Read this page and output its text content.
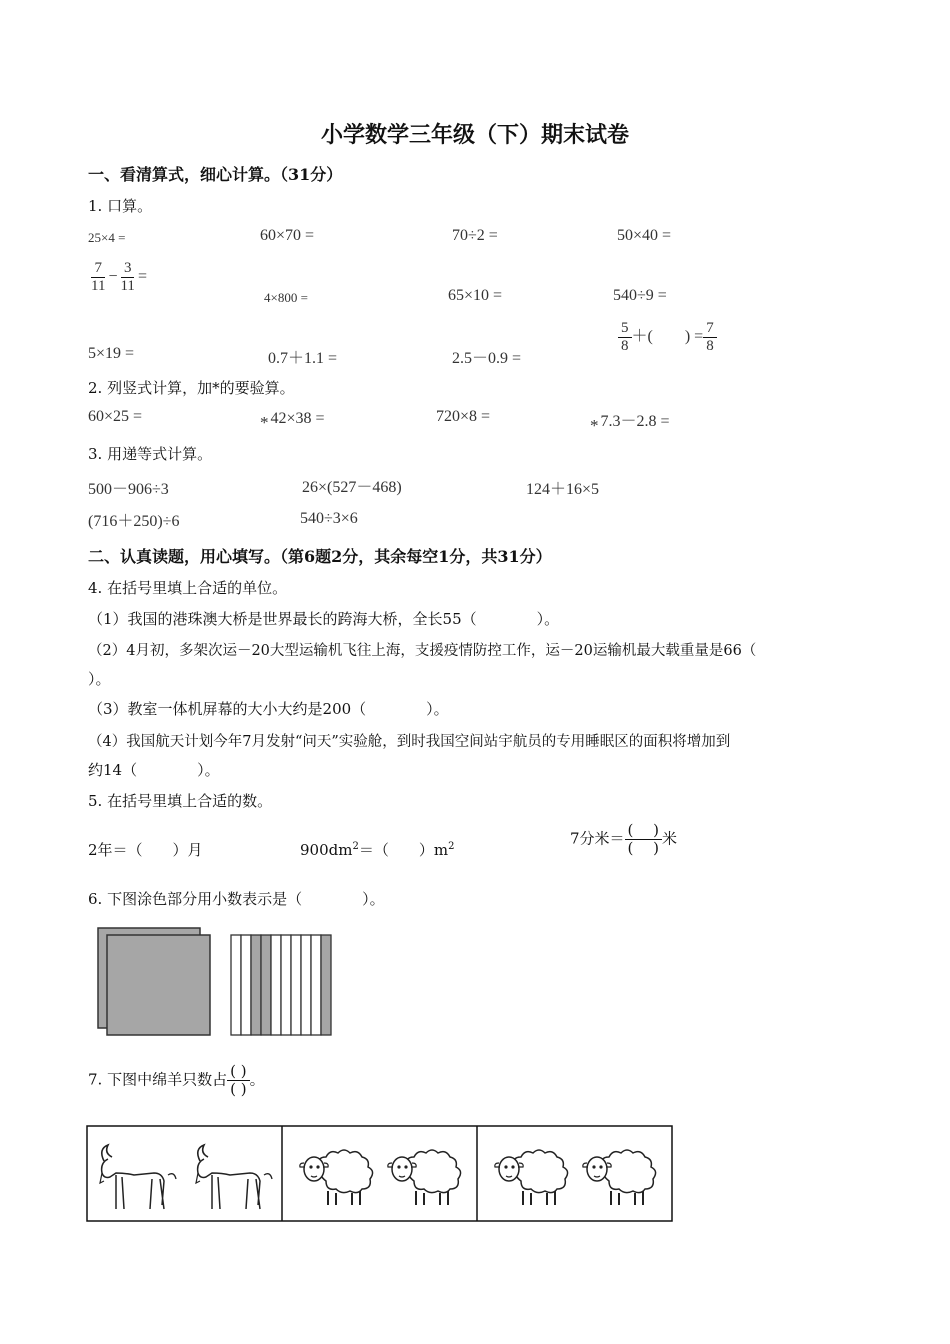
小学数学三年级（下）期末试卷
一、看清算式，细心计算。（31分）
1. 口算。
25×4 =	60×70 =	70÷2 =	50×40 =
$\frac{7}{11} - \frac{3}{11}$ =
4×800 =	65×10 =	540÷9 =
5×19 =	0.7＋1.1 =	2.5－0.9 =
$\frac{5}{8}$ ＋(　　) = $\frac{7}{8}$
2. 列竖式计算，加*的要验算。
60×25 =	* 42×38 =	720×8 =	* 7.3－2.8 =
3. 用递等式计算。
500－906÷3	26×(527－468)	124＋16×5
(716＋250)÷6	540÷3×6
二、认真读题，用心填写。（第6题2分，其余每空1分，共31分）
4. 在括号里填上合适的单位。
（1）我国的港珠澳大桥是世界最长的跨海大桥，全长55（　　　　）。
（2）4月初，多架次运－20大型运输机飞往上海，支援疫情防控工作，运－20运输机最大载重量是66（
）。
（3）教室一体机屏幕的大小大约是200（　　　　）。
（4）我国航天计划今年7月发射“问天”实验舱，到时我国空间站宇航员的专用睡眠区的面积将增加到
约14（　　　　）。
5. 在括号里填上合适的数。
2年＝（　　）月	$900dm^2=$（　　）$m^2$	7分米＝ $\frac{( )}{( )}$ 米
6. 下图涂色部分用小数表示是（　　　　）。
7. 下图中绵羊只数占 $\frac{( )}{( )}$ 。
